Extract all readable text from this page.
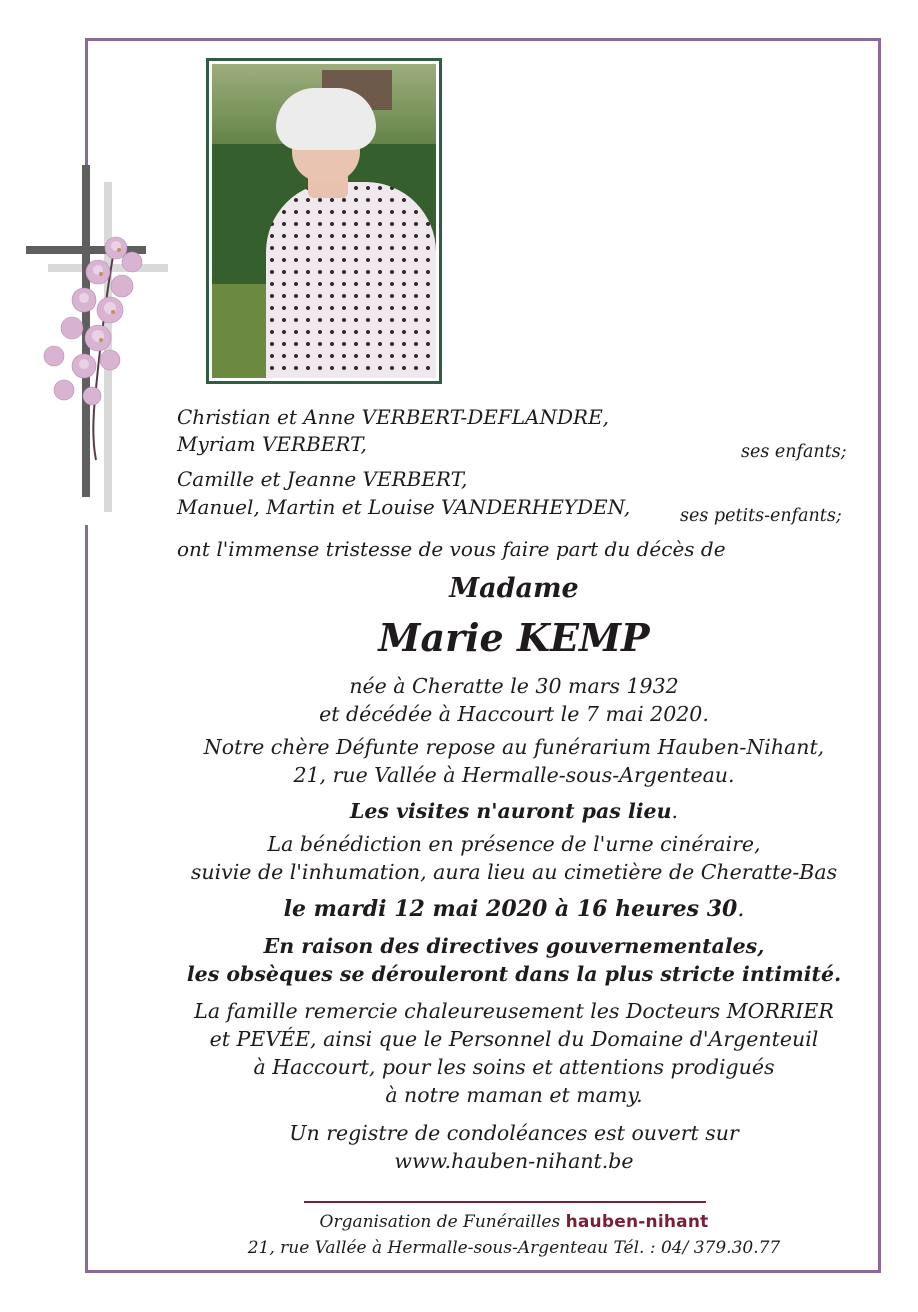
Christian et Anne VERBERT-DEFLANDRE,
Myriam VERBERT,	ses enfants;
Camille et Jeanne VERBERT,
Manuel, Martin et Louise VANDERHEYDEN,	ses petits-enfants;
ont l'immense tristesse de vous faire part du décès de
Madame
Marie KEMP
née à Cheratte le 30 mars 1932
et décédée à Haccourt le 7 mai 2020.
Notre chère Défunte repose au funérarium Hauben-Nihant,
21, rue Vallée à Hermalle-sous-Argenteau.
Les visites n'auront pas lieu.
La bénédiction en présence de l'urne cinéraire,
suivie de l'inhumation, aura lieu au cimetière de Cheratte-Bas
le mardi 12 mai 2020 à 16 heures 30.
En raison des directives gouvernementales,
les obsèques se dérouleront dans la plus stricte intimité.
La famille remercie chaleureusement les Docteurs MORRIER
et PEVÉE, ainsi que le Personnel du Domaine d'Argenteuil
à Haccourt, pour les soins et attentions prodigués
à notre maman et mamy.
Un registre de condoléances est ouvert sur
www.hauben-nihant.be
Organisation de Funérailles hauben-nihant
21, rue Vallée à Hermalle-sous-Argenteau Tél. : 04/ 379.30.77
